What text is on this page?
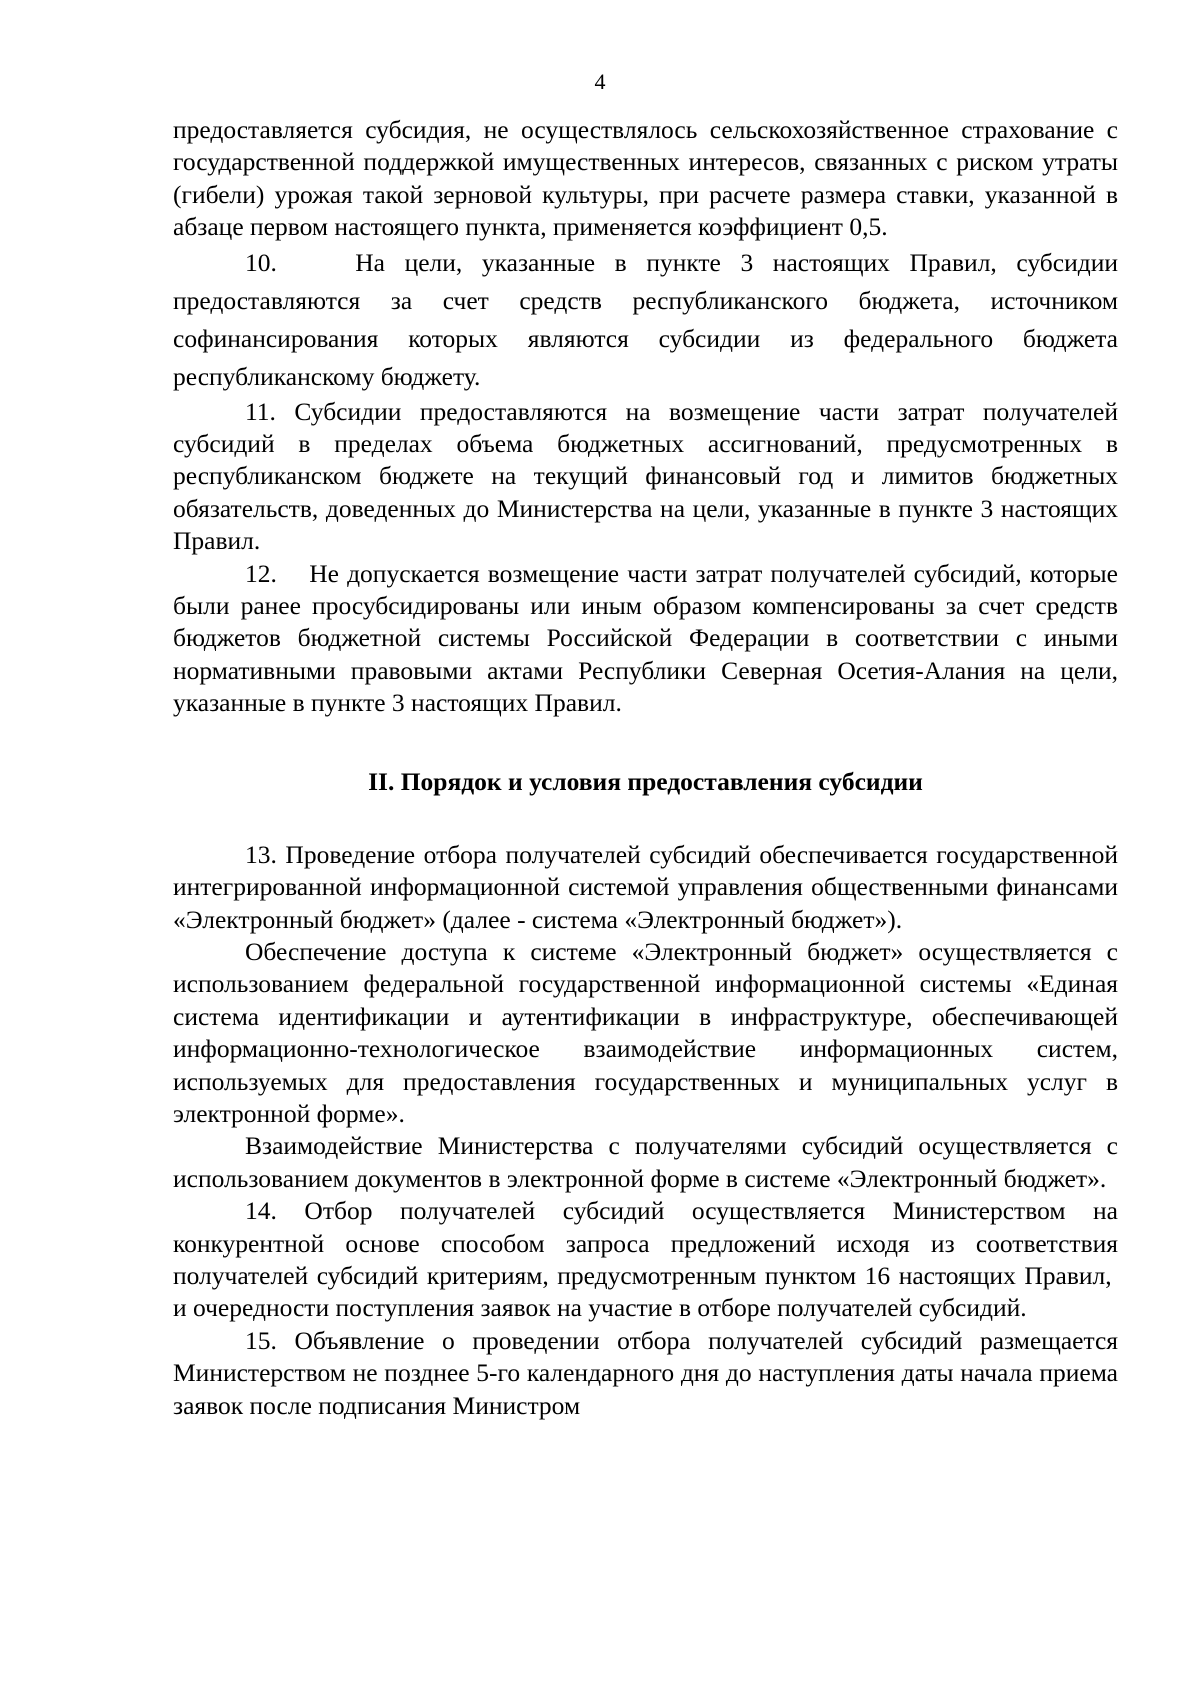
4

предоставляется субсидия, не осуществлялось сельскохозяйственное страхование с государственной поддержкой имущественных интересов, связанных с риском утраты (гибели) урожая такой зерновой культуры, при расчете размера ставки, указанной в абзаце первом настоящего пункта, применяется коэффициент 0,5.

10.    На цели, указанные в пункте 3 настоящих Правил, субсидии предоставляются за счет средств республиканского бюджета, источником софинансирования которых являются субсидии из федерального бюджета республиканскому бюджету.

11. Субсидии предоставляются на возмещение части затрат получателей субсидий в пределах объема бюджетных ассигнований, предусмотренных в республиканском бюджете на текущий финансовый год и лимитов бюджетных обязательств, доведенных до Министерства на цели, указанные в пункте 3 настоящих Правил.

12.    Не допускается возмещение части затрат получателей субсидий, которые были ранее просубсидированы или иным образом компенсированы за счет средств бюджетов бюджетной системы Российской Федерации в соответствии с иными нормативными правовыми актами Республики Северная Осетия-Алания на цели, указанные в пункте 3 настоящих Правил.

II. Порядок и условия предоставления субсидии

13. Проведение отбора получателей субсидий обеспечивается государственной интегрированной информационной системой управления общественными финансами «Электронный бюджет» (далее - система «Электронный бюджет»).

Обеспечение доступа к системе «Электронный бюджет» осуществляется с использованием федеральной государственной информационной системы «Единая система идентификации и аутентификации в инфраструктуре, обеспечивающей информационно-технологическое взаимодействие информационных систем, используемых для предоставления государственных и муниципальных услуг в электронной форме».

Взаимодействие Министерства с получателями субсидий осуществляется с использованием документов в электронной форме в системе «Электронный бюджет».

14. Отбор получателей субсидий осуществляется Министерством на конкурентной основе способом запроса предложений исходя из соответствия получателей субсидий критериям, предусмотренным пунктом 16 настоящих Правил,  и очередности поступления заявок на участие в отборе получателей субсидий.

15. Объявление о проведении отбора получателей субсидий размещается Министерством не позднее 5-го календарного дня до наступления даты начала приема заявок после подписания Министром
